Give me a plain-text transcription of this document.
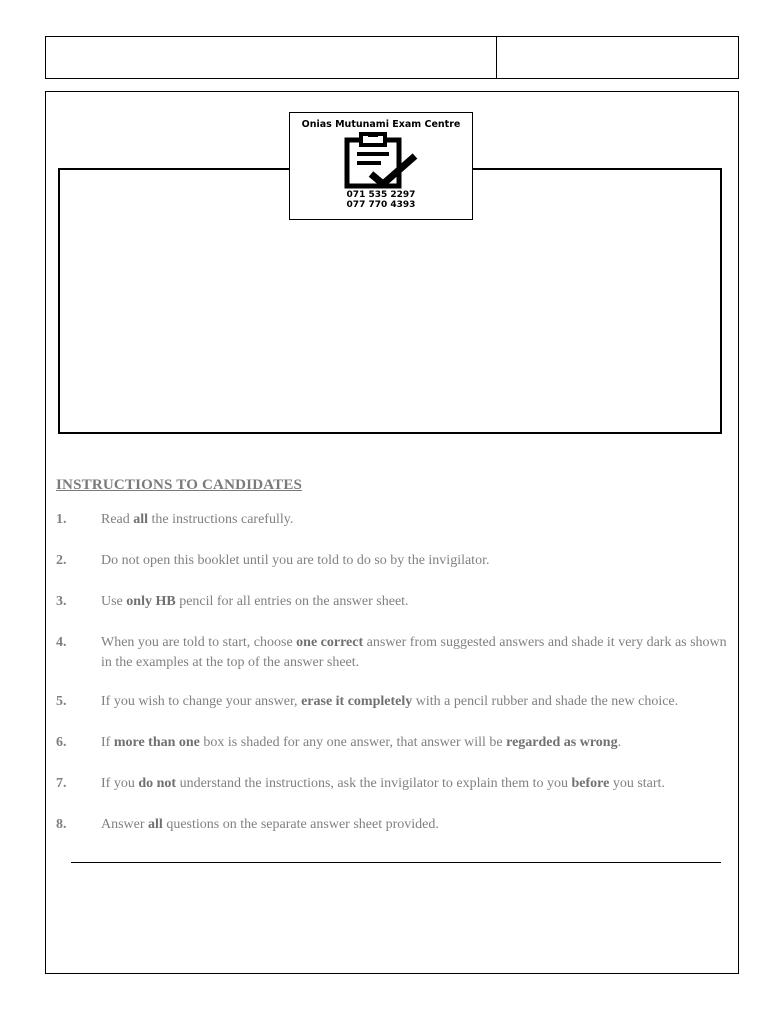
Onias Mutunami Exam Centre
071 535 2297
077 770 4393
INSTRUCTIONS TO CANDIDATES
1. Read all the instructions carefully.
2. Do not open this booklet until you are told to do so by the invigilator.
3. Use only HB pencil for all entries on the answer sheet.
4. When you are told to start, choose one correct answer from suggested answers and shade it very dark as shown in the examples at the top of the answer sheet.
5. If you wish to change your answer, erase it completely with a pencil rubber and shade the new choice.
6. If more than one box is shaded for any one answer, that answer will be regarded as wrong.
7. If you do not understand the instructions, ask the invigilator to explain them to you before you start.
8. Answer all questions on the separate answer sheet provided.
